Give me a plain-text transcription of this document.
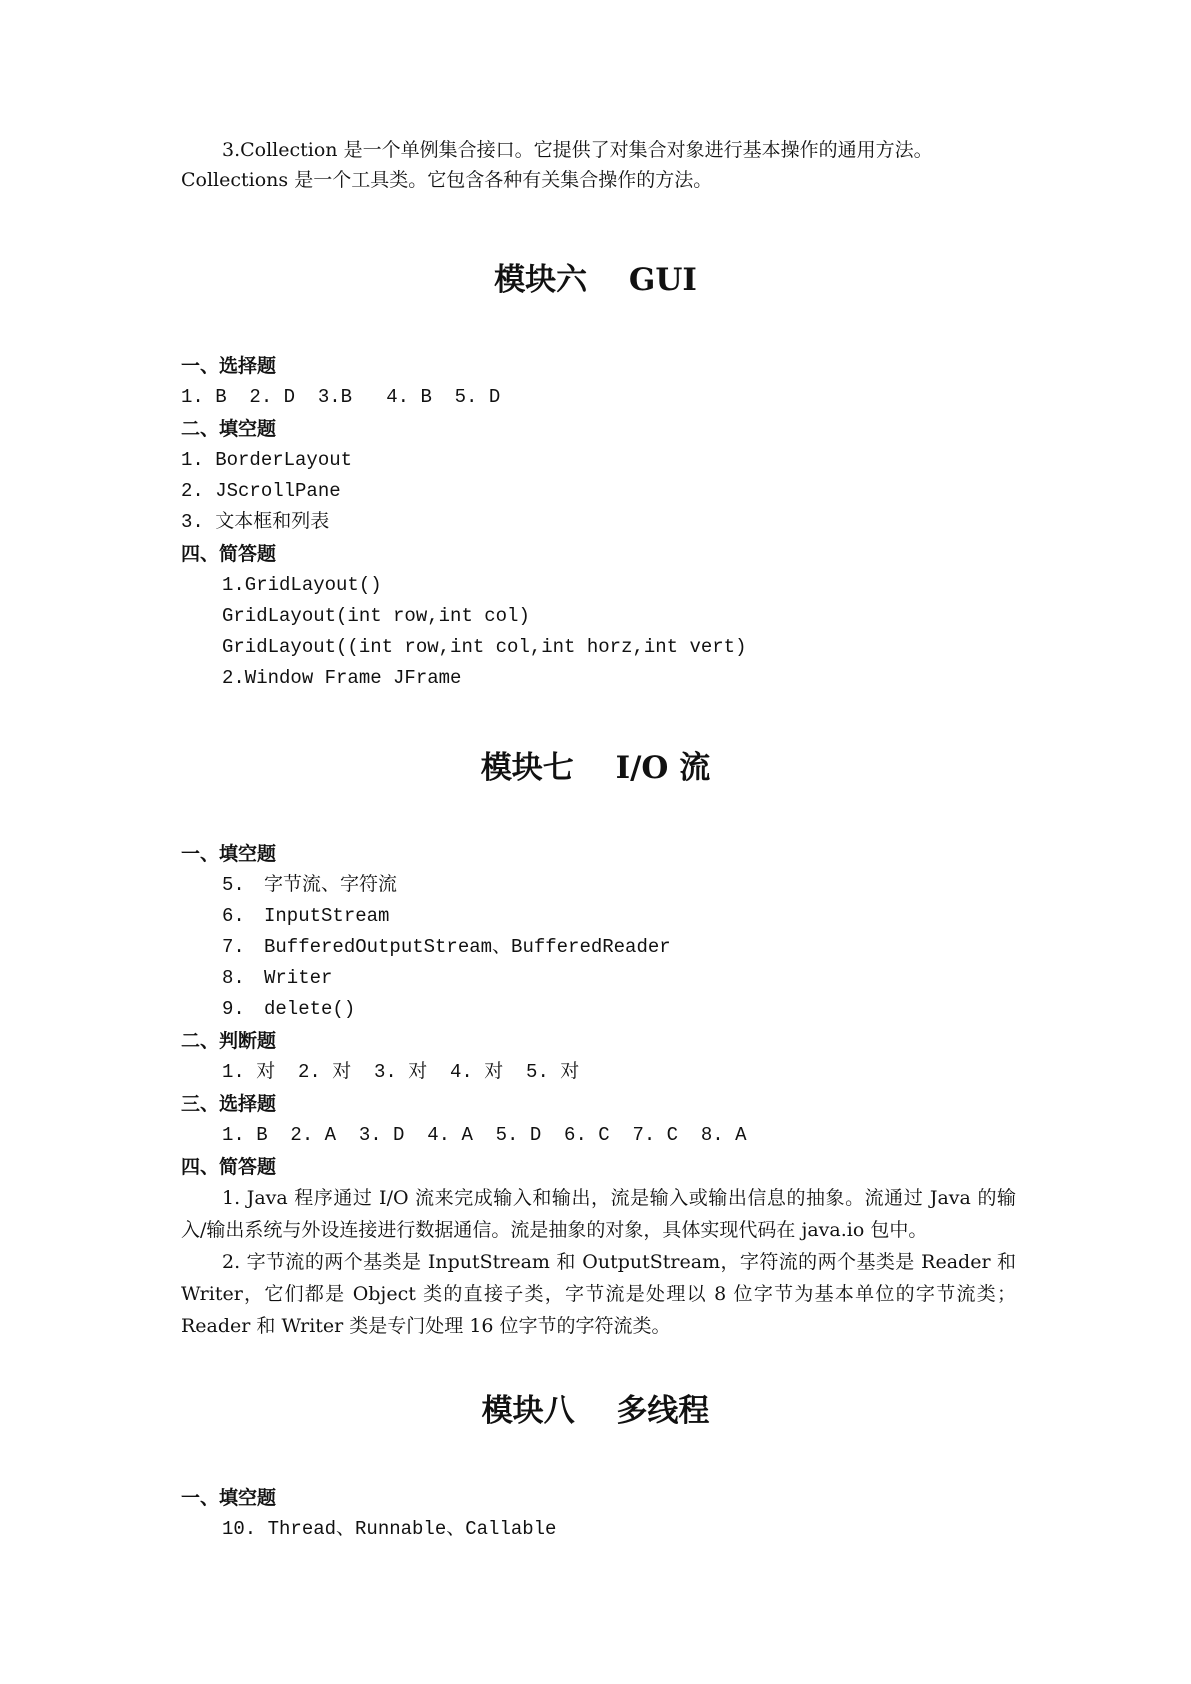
3.Collection 是一个单例集合接口。它提供了对集合对象进行基本操作的通用方法。
Collections 是一个工具类。它包含各种有关集合操作的方法。
模块六　 GUI
一、选择题
1. B  2. D  3.B   4. B  5. D
二、填空题
1. BorderLayout
2. JScrollPane
3. 文本框和列表
四、简答题
1.GridLayout()
GridLayout(int row,int col)
GridLayout((int row,int col,int horz,int vert)
2.Window Frame JFrame
模块七　 I/O 流
一、填空题
5. 字节流、字符流
6. InputStream
7. BufferedOutputStream、BufferedReader
8. Writer
9. delete()
二、判断题
1. 对  2. 对  3. 对  4. 对  5. 对
三、选择题
1. B  2. A  3. D  4. A  5. D  6. C  7. C  8. A
四、简答题
1. Java 程序通过 I/O 流来完成输入和输出，流是输入或输出信息的抽象。流通过 Java 的输入/输出系统与外设连接进行数据通信。流是抽象的对象，具体实现代码在 java.io 包中。
2. 字节流的两个基类是 InputStream 和 OutputStream，字符流的两个基类是 Reader 和 Writer，它们都是 Object 类的直接子类，字节流是处理以 8 位字节为基本单位的字节流类；Reader 和 Writer 类是专门处理 16 位字节的字符流类。
模块八　 多线程
一、填空题
10. Thread、Runnable、Callable
